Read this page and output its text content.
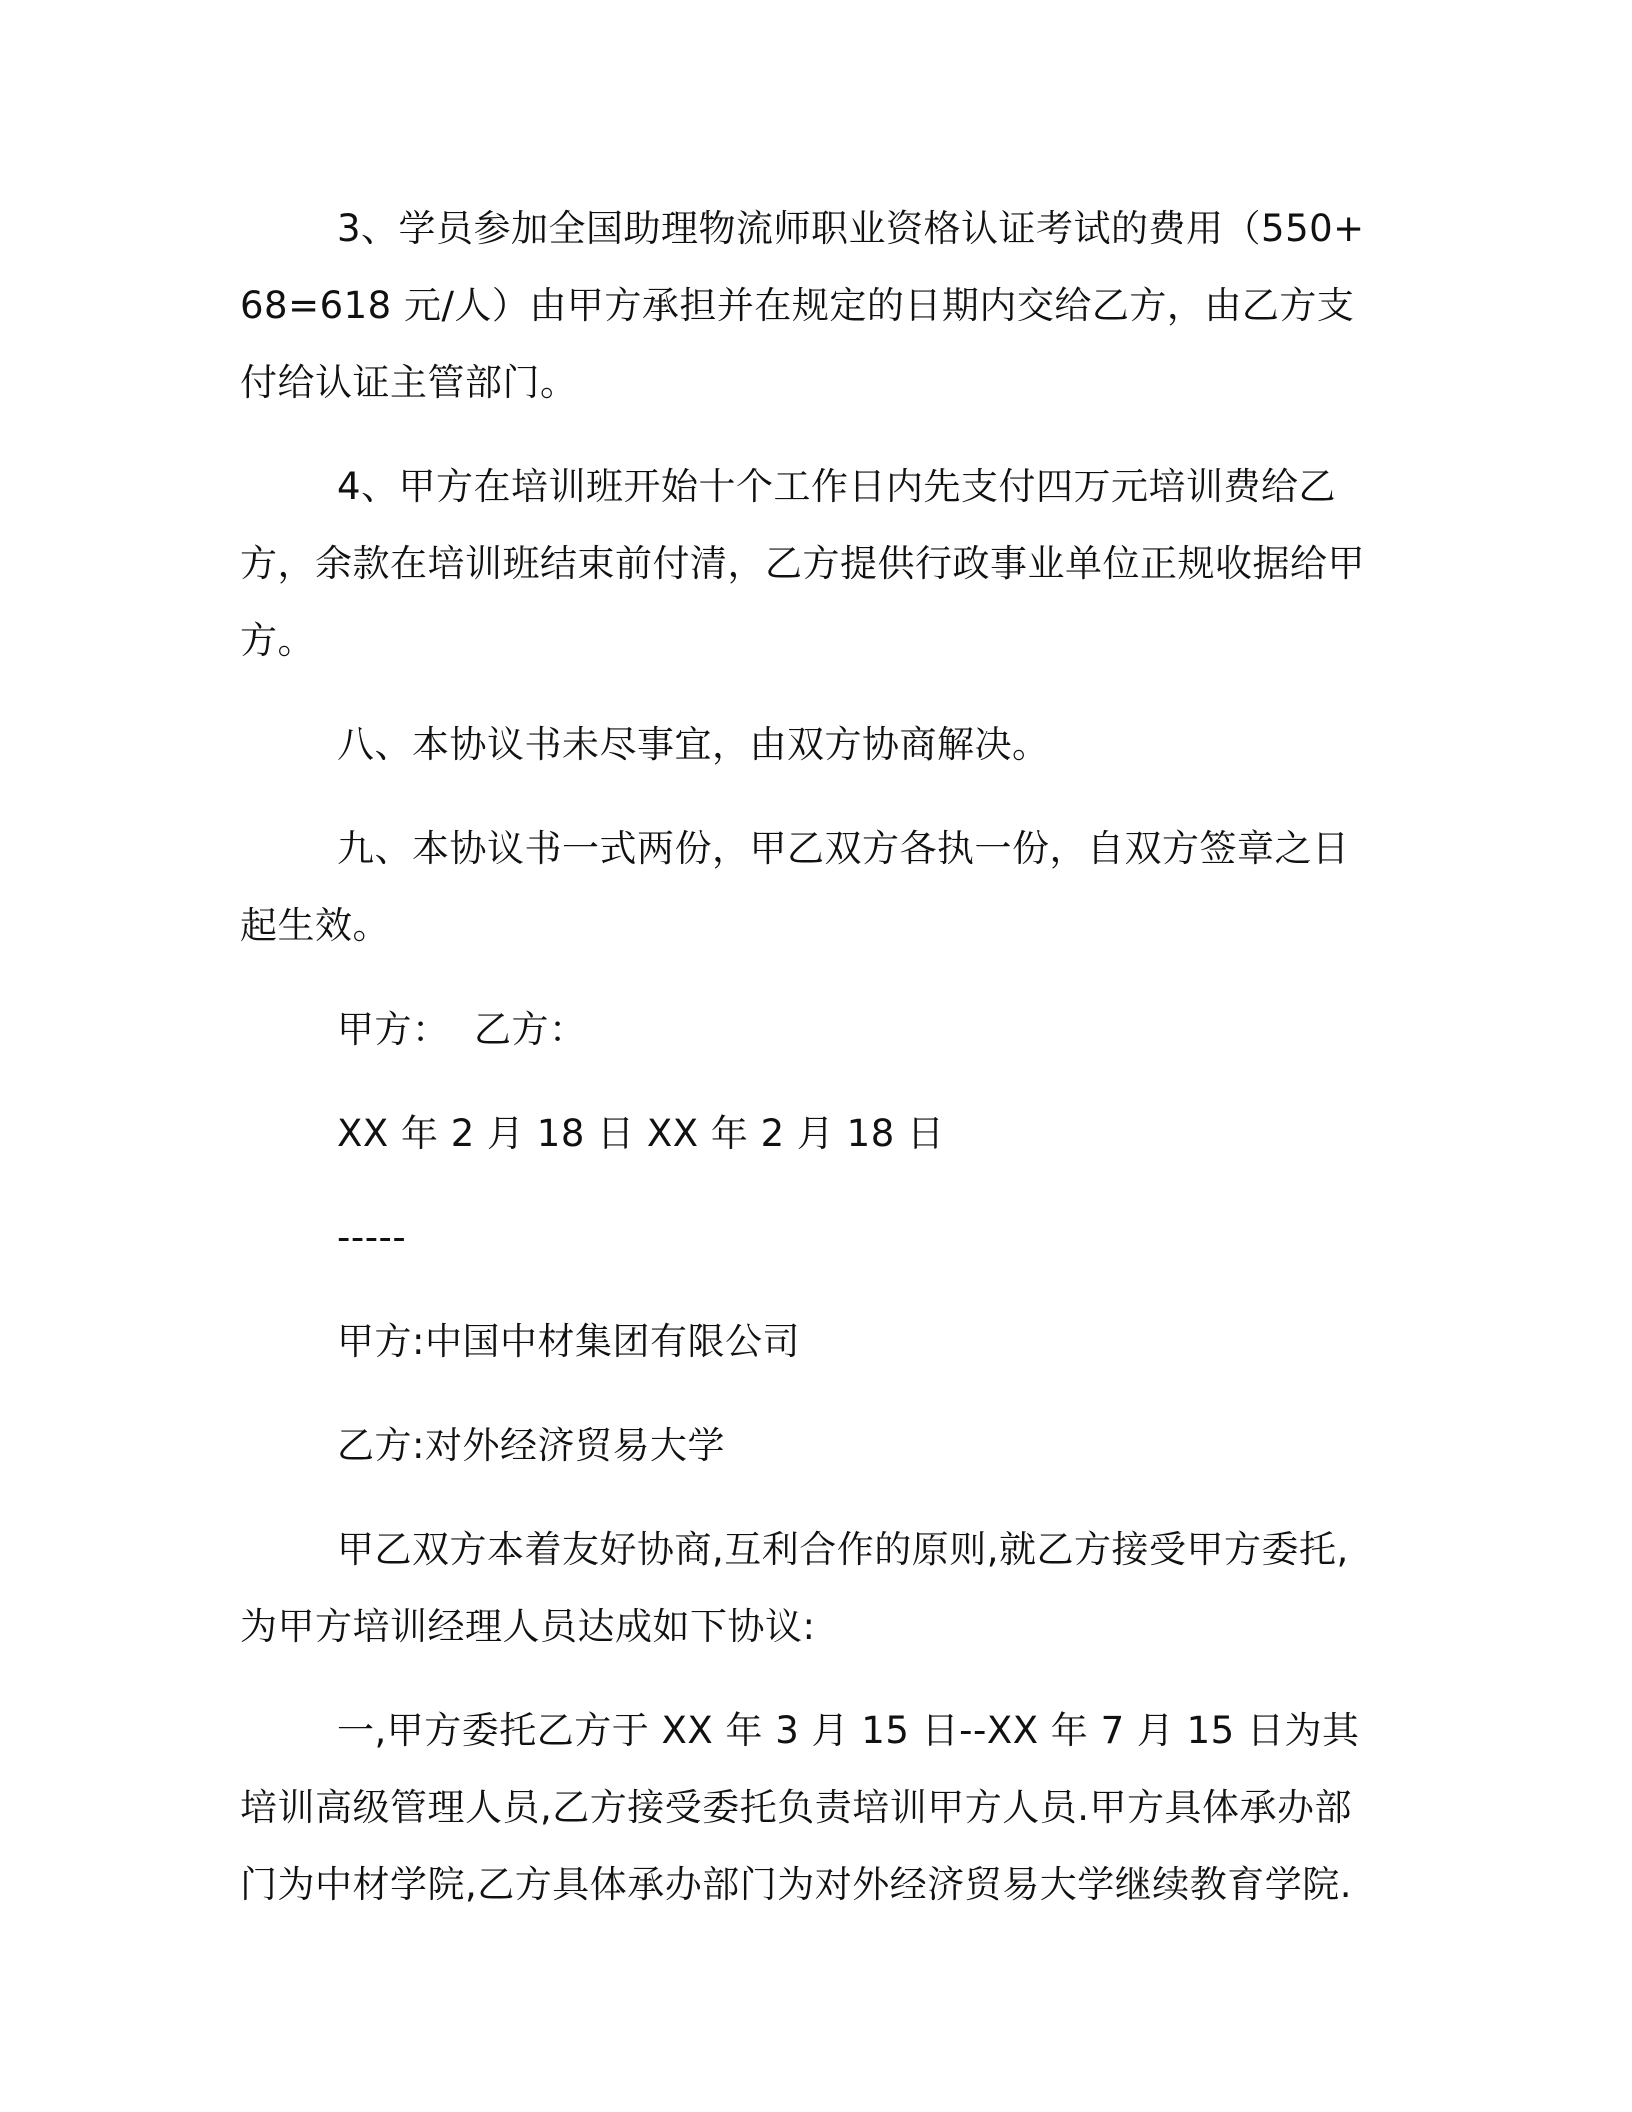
3、学员参加全国助理物流师职业资格认证考试的费用（550+68=618 元/人）由甲方承担并在规定的日期内交给乙方，由乙方支付给认证主管部门。

4、甲方在培训班开始十个工作日内先支付四万元培训费给乙方，余款在培训班结束前付清，乙方提供行政事业单位正规收据给甲方。

八、本协议书未尽事宜，由双方协商解决。

九、本协议书一式两份，甲乙双方各执一份，自双方签章之日起生效。

甲方：  乙方：

XX 年 2 月 18 日 XX 年 2 月 18 日

-----

甲方:中国中材集团有限公司

乙方:对外经济贸易大学

甲乙双方本着友好协商,互利合作的原则,就乙方接受甲方委托,为甲方培训经理人员达成如下协议:

一,甲方委托乙方于 XX 年 3 月 15 日--XX 年 7 月 15 日为其培训高级管理人员,乙方接受委托负责培训甲方人员.甲方具体承办部门为中材学院,乙方具体承办部门为对外经济贸易大学继续教育学院.
